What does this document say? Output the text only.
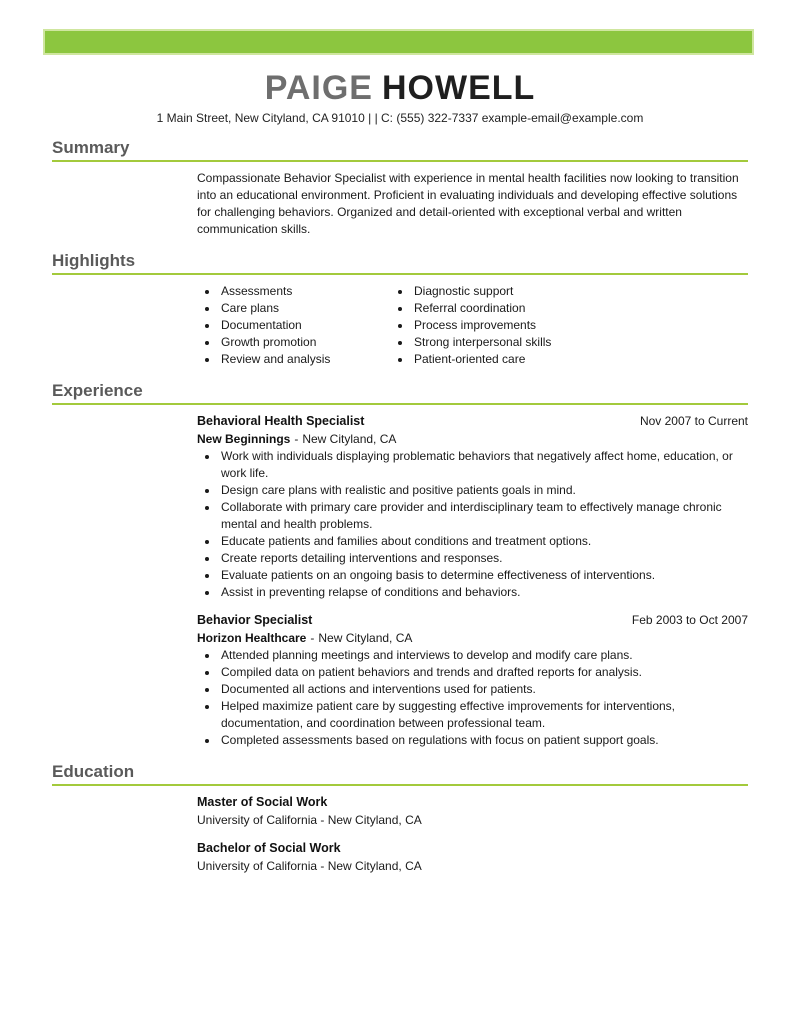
PAIGE HOWELL
1 Main Street, New Cityland, CA 91010 | | C: (555) 322-7337 example-email@example.com
Summary

Compassionate Behavior Specialist with experience in mental health facilities now looking to transition into an educational environment. Proficient in evaluating individuals and developing effective solutions for challenging behaviors. Organized and detail-oriented with exceptional verbal and written communication skills.

Highlights
• Assessments
• Care plans
• Documentation
• Growth promotion
• Review and analysis
• Diagnostic support
• Referral coordination
• Process improvements
• Strong interpersonal skills
• Patient-oriented care
Experience
Behavioral Health Specialist	Nov 2007 to Current
New Beginnings - New Cityland, CA
• Work with individuals displaying problematic behaviors that negatively affect home, education, or work life.
• Design care plans with realistic and positive patients goals in mind.
• Collaborate with primary care provider and interdisciplinary team to effectively manage chronic mental and health problems.
• Educate patients and families about conditions and treatment options.
• Create reports detailing interventions and responses.
• Evaluate patients on an ongoing basis to determine effectiveness of interventions.
• Assist in preventing relapse of conditions and behaviors.
Behavior Specialist	Feb 2003 to Oct 2007
Horizon Healthcare - New Cityland, CA
• Attended planning meetings and interviews to develop and modify care plans.
• Compiled data on patient behaviors and trends and drafted reports for analysis.
• Documented all actions and interventions used for patients.
• Helped maximize patient care by suggesting effective improvements for interventions, documentation, and coordination between professional team.
• Completed assessments based on regulations with focus on patient support goals.
Education
Master of Social Work
University of California - New Cityland, CA
Bachelor of Social Work
University of California - New Cityland, CA
